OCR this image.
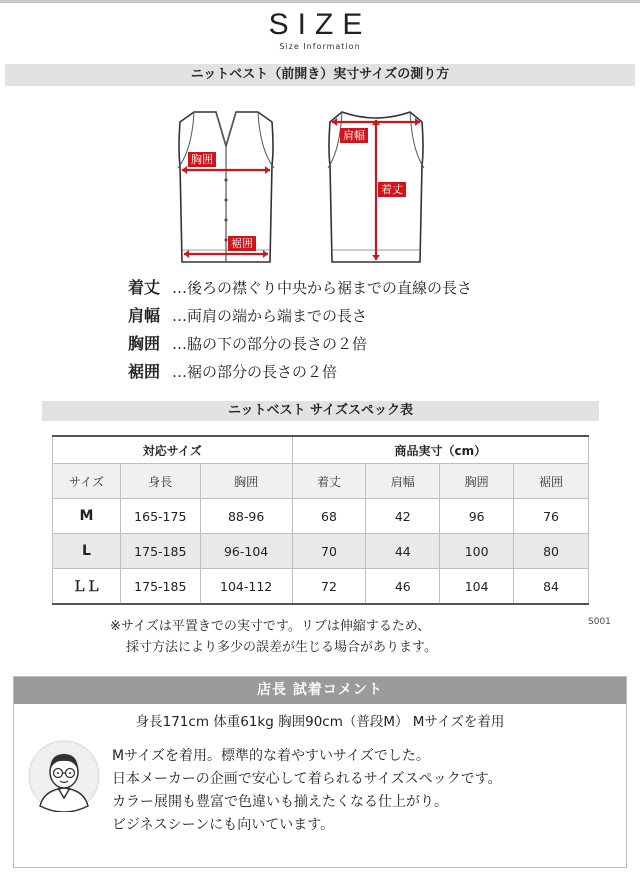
SIZE
Size Information
ニットベスト（前開き）実寸サイズの測り方
胸囲
裾囲
肩幅
着丈
着丈 …後ろの襟ぐり中央から裾までの直線の長さ
肩幅 …両肩の端から端までの長さ
胸囲 …脇の下の部分の長さの２倍
裾囲 …裾の部分の長さの２倍
ニットベスト サイズスペック表
対応サイズ			商品実寸（cm）			
サイズ	身長	胸囲	着丈	肩幅	胸囲	裾囲
M	165-175	88-96	68	42	96	76
L	175-185	96-104	70	44	100	80
ＬＬ	175-185	104-112	72	46	104	84
※サイズは平置きでの実寸です。リブは伸縮するため、
採寸方法により多少の誤差が生じる場合があります。
S001
店長 試着コメント
身長171cm 体重61kg 胸囲90cm（普段M） Mサイズを着用
Mサイズを着用。標準的な着やすいサイズでした。
日本メーカーの企画で安心して着られるサイズスペックです。
カラー展開も豊富で色違いも揃えたくなる仕上がり。
ビジネスシーンにも向いています。
